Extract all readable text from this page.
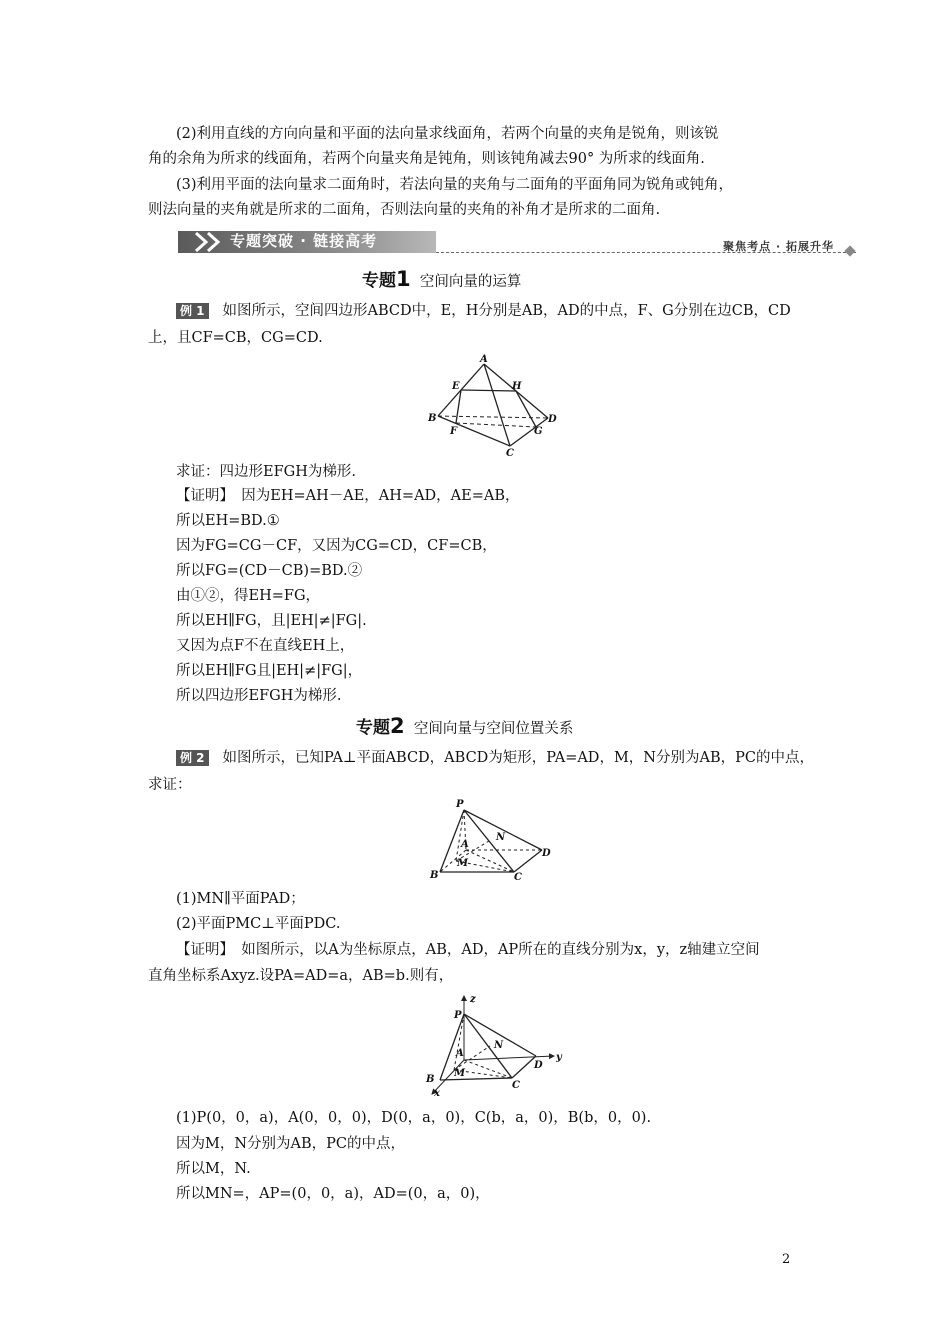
(2)利用直线的方向向量和平面的法向量求线面角，若两个向量的夹角是锐角，则该锐
角的余角为所求的线面角，若两个向量夹角是钝角，则该钝角减去90° 为所求的线面角.
(3)利用平面的法向量求二面角时，若法向量的夹角与二面角的平面角同为锐角或钝角，
则法向量的夹角就是所求的二面角，否则法向量的夹角的补角才是所求的二面角.
专题突破 · 链接高考	聚焦考点 · 拓展升华
专题1 空间向量的运算
例 1 如图所示，空间四边形ABCD中，E，H分别是AB，AD的中点，F、G分别在边CB，CD
上，且CF=CB，CG=CD.
A
E	H
B
F
D
G
C
求证：四边形EFGH为梯形.
【证明】　因为EH=AH－AE，AH=AD，AE=AB，
所以EH=BD.①
因为FG=CG－CF，又因为CG=CD，CF=CB，
所以FG=(CD－CB)=BD.②
由①②，得EH=FG，
所以EH∥FG，且|EH|≠|FG|.
又因为点F不在直线EH上，
所以EH∥FG且|EH|≠|FG|，
所以四边形EFGH为梯形.
专题2 空间向量与空间位置关系
例 2 如图所示，已知PA⊥平面ABCD，ABCD为矩形，PA=AD，M，N分别为AB，PC的中点，
求证：
P
N
A
D
M
B	C
(1)MN∥平面PAD；
(2)平面PMC⊥平面PDC.
【证明】　如图所示，以A为坐标原点，AB，AD，AP所在的直线分别为x，y，z轴建立空间
直角坐标系Axyz.设PA=AD=a，AB=b.则有，
z
P
N
A	y
D
M
B
C
x
(1)P(0，0，a)，A(0，0，0)，D(0，a，0)，C(b，a，0)，B(b，0，0).
因为M，N分别为AB，PC的中点，
所以M，N.
所以MN=，AP=(0，0，a)，AD=(0，a，0)，
2
